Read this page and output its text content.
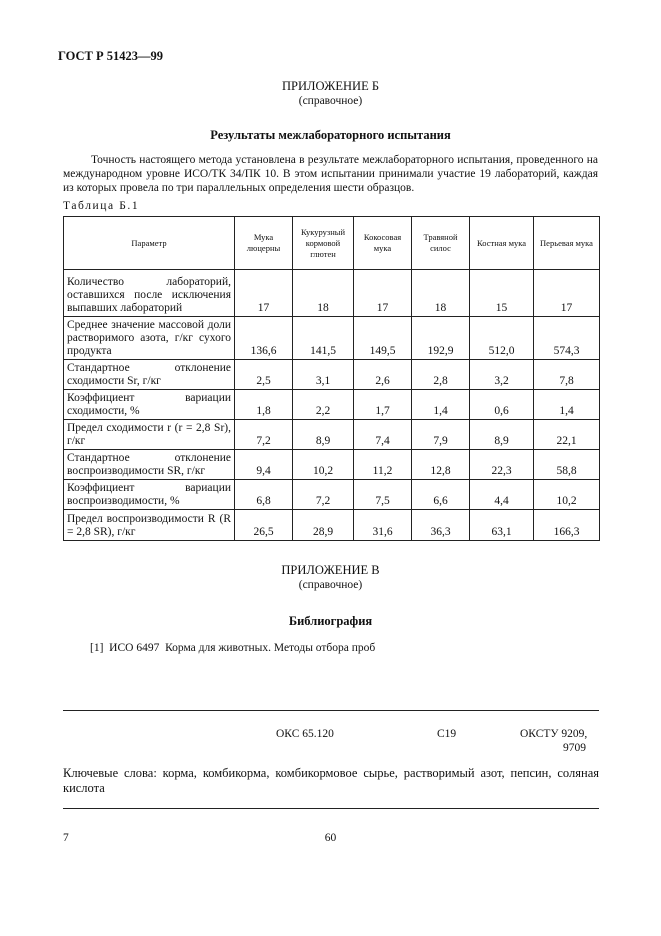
ГОСТ Р 51423—99
ПРИЛОЖЕНИЕ Б
(справочное)
Результаты межлабораторного испытания

Точность настоящего метода установлена в результате межлабораторного испытания, проведенного на международном уровне ИСО/ТК 34/ПК 10. В этом испытании принимали участие 19 лабораторий, каждая из которых провела по три параллельных определения шести образцов.

Таблица Б.1
Параметр	Мука люцерны	Кукурузный кормовой глютен	Кокосовая мука	Травяной силос	Костная мука	Перьевая мука
Количество лабораторий, оставшихся после исключения выпавших лабораторий	17	18	17	18	15	17
Среднее значение массовой доли растворимого азота, г/кг сухого продукта	136,6	141,5	149,5	192,9	512,0	574,3
Стандартное отклонение сходимости Sr, г/кг	2,5	3,1	2,6	2,8	3,2	7,8
Коэффициент вариации сходимости, %	1,8	2,2	1,7	1,4	0,6	1,4
Предел сходимости r (r = 2,8 Sr), г/кг	7,2	8,9	7,4	7,9	8,9	22,1
Стандартное отклонение воспроизводимости SR, г/кг	9,4	10,2	11,2	12,8	22,3	58,8
Коэффициент вариации воспроизводимости, %	6,8	7,2	7,5	6,6	4,4	10,2
Предел воспроизводимости R (R = 2,8 SR), г/кг	26,5	28,9	31,6	36,3	63,1	166,3
ПРИЛОЖЕНИЕ В
(справочное)
Библиография
[1]  ИСО 6497  Корма для животных. Методы отбора проб
ОКС 65.120	С19	ОКСТУ 9209,
9709
Ключевые слова: корма, комбикорма, комбикормовое сырье, растворимый азот, пепсин, соляная кислота
7	60
